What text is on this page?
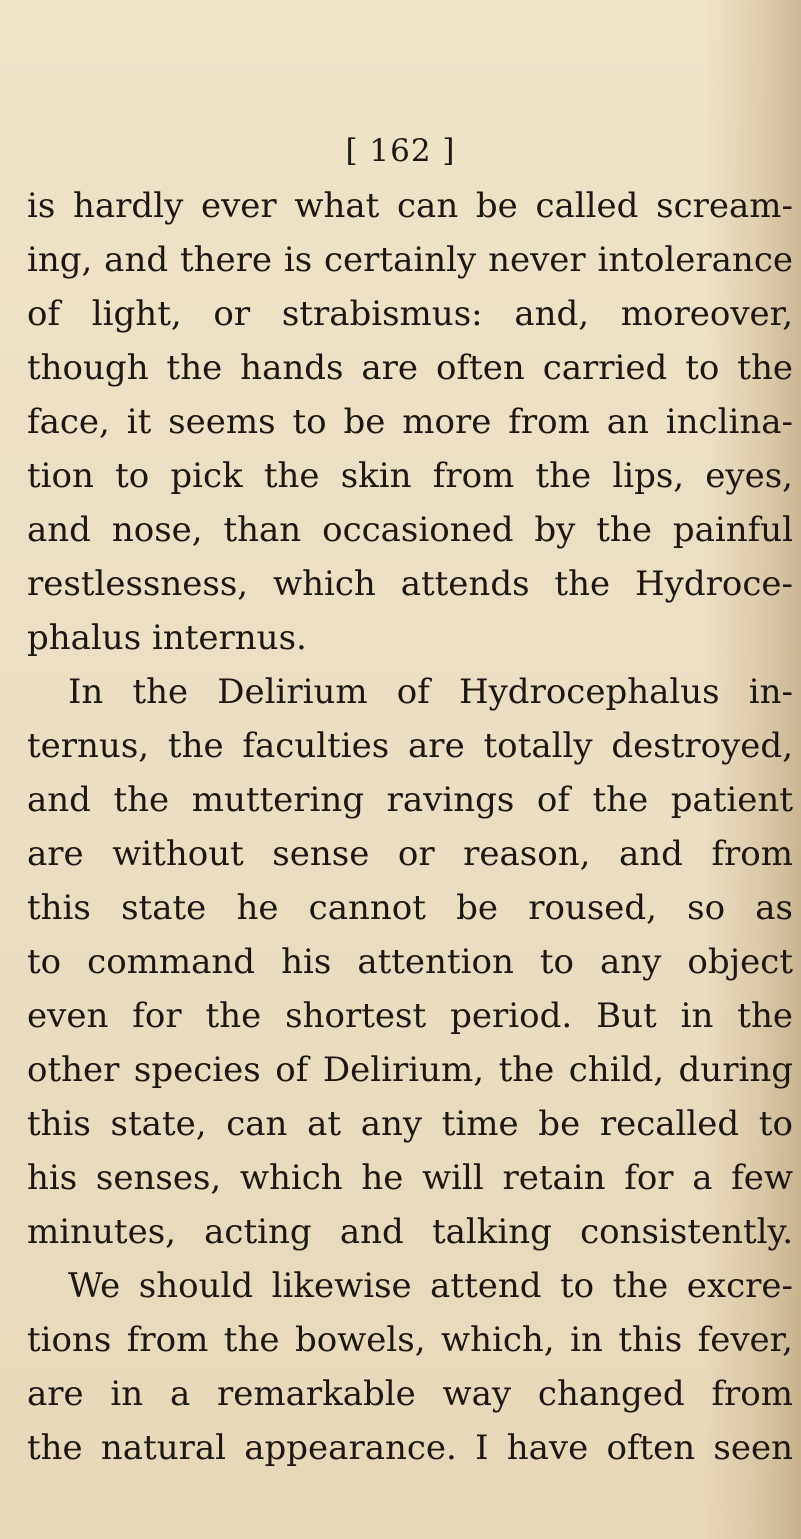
[ 162 ]
is hardly ever what can be called scream-
ing, and there is certainly never intolerance
of light, or strabismus: and, moreover,
though the hands are often carried to the
face, it seems to be more from an inclina-
tion to pick the skin from the lips, eyes,
and nose, than occasioned by the painful
restlessness, which attends the Hydroce-
phalus internus.
In the Delirium of Hydrocephalus in-
ternus, the faculties are totally destroyed,
and the muttering ravings of the patient
are without sense or reason, and from
this state he cannot be roused, so as
to command his attention to any object
even for the shortest period. But in the
other species of Delirium, the child, during
this state, can at any time be recalled to
his senses, which he will retain for a few
minutes, acting and talking consistently.
We should likewise attend to the excre-
tions from the bowels, which, in this fever,
are in a remarkable way changed from
the natural appearance. I have often seen
